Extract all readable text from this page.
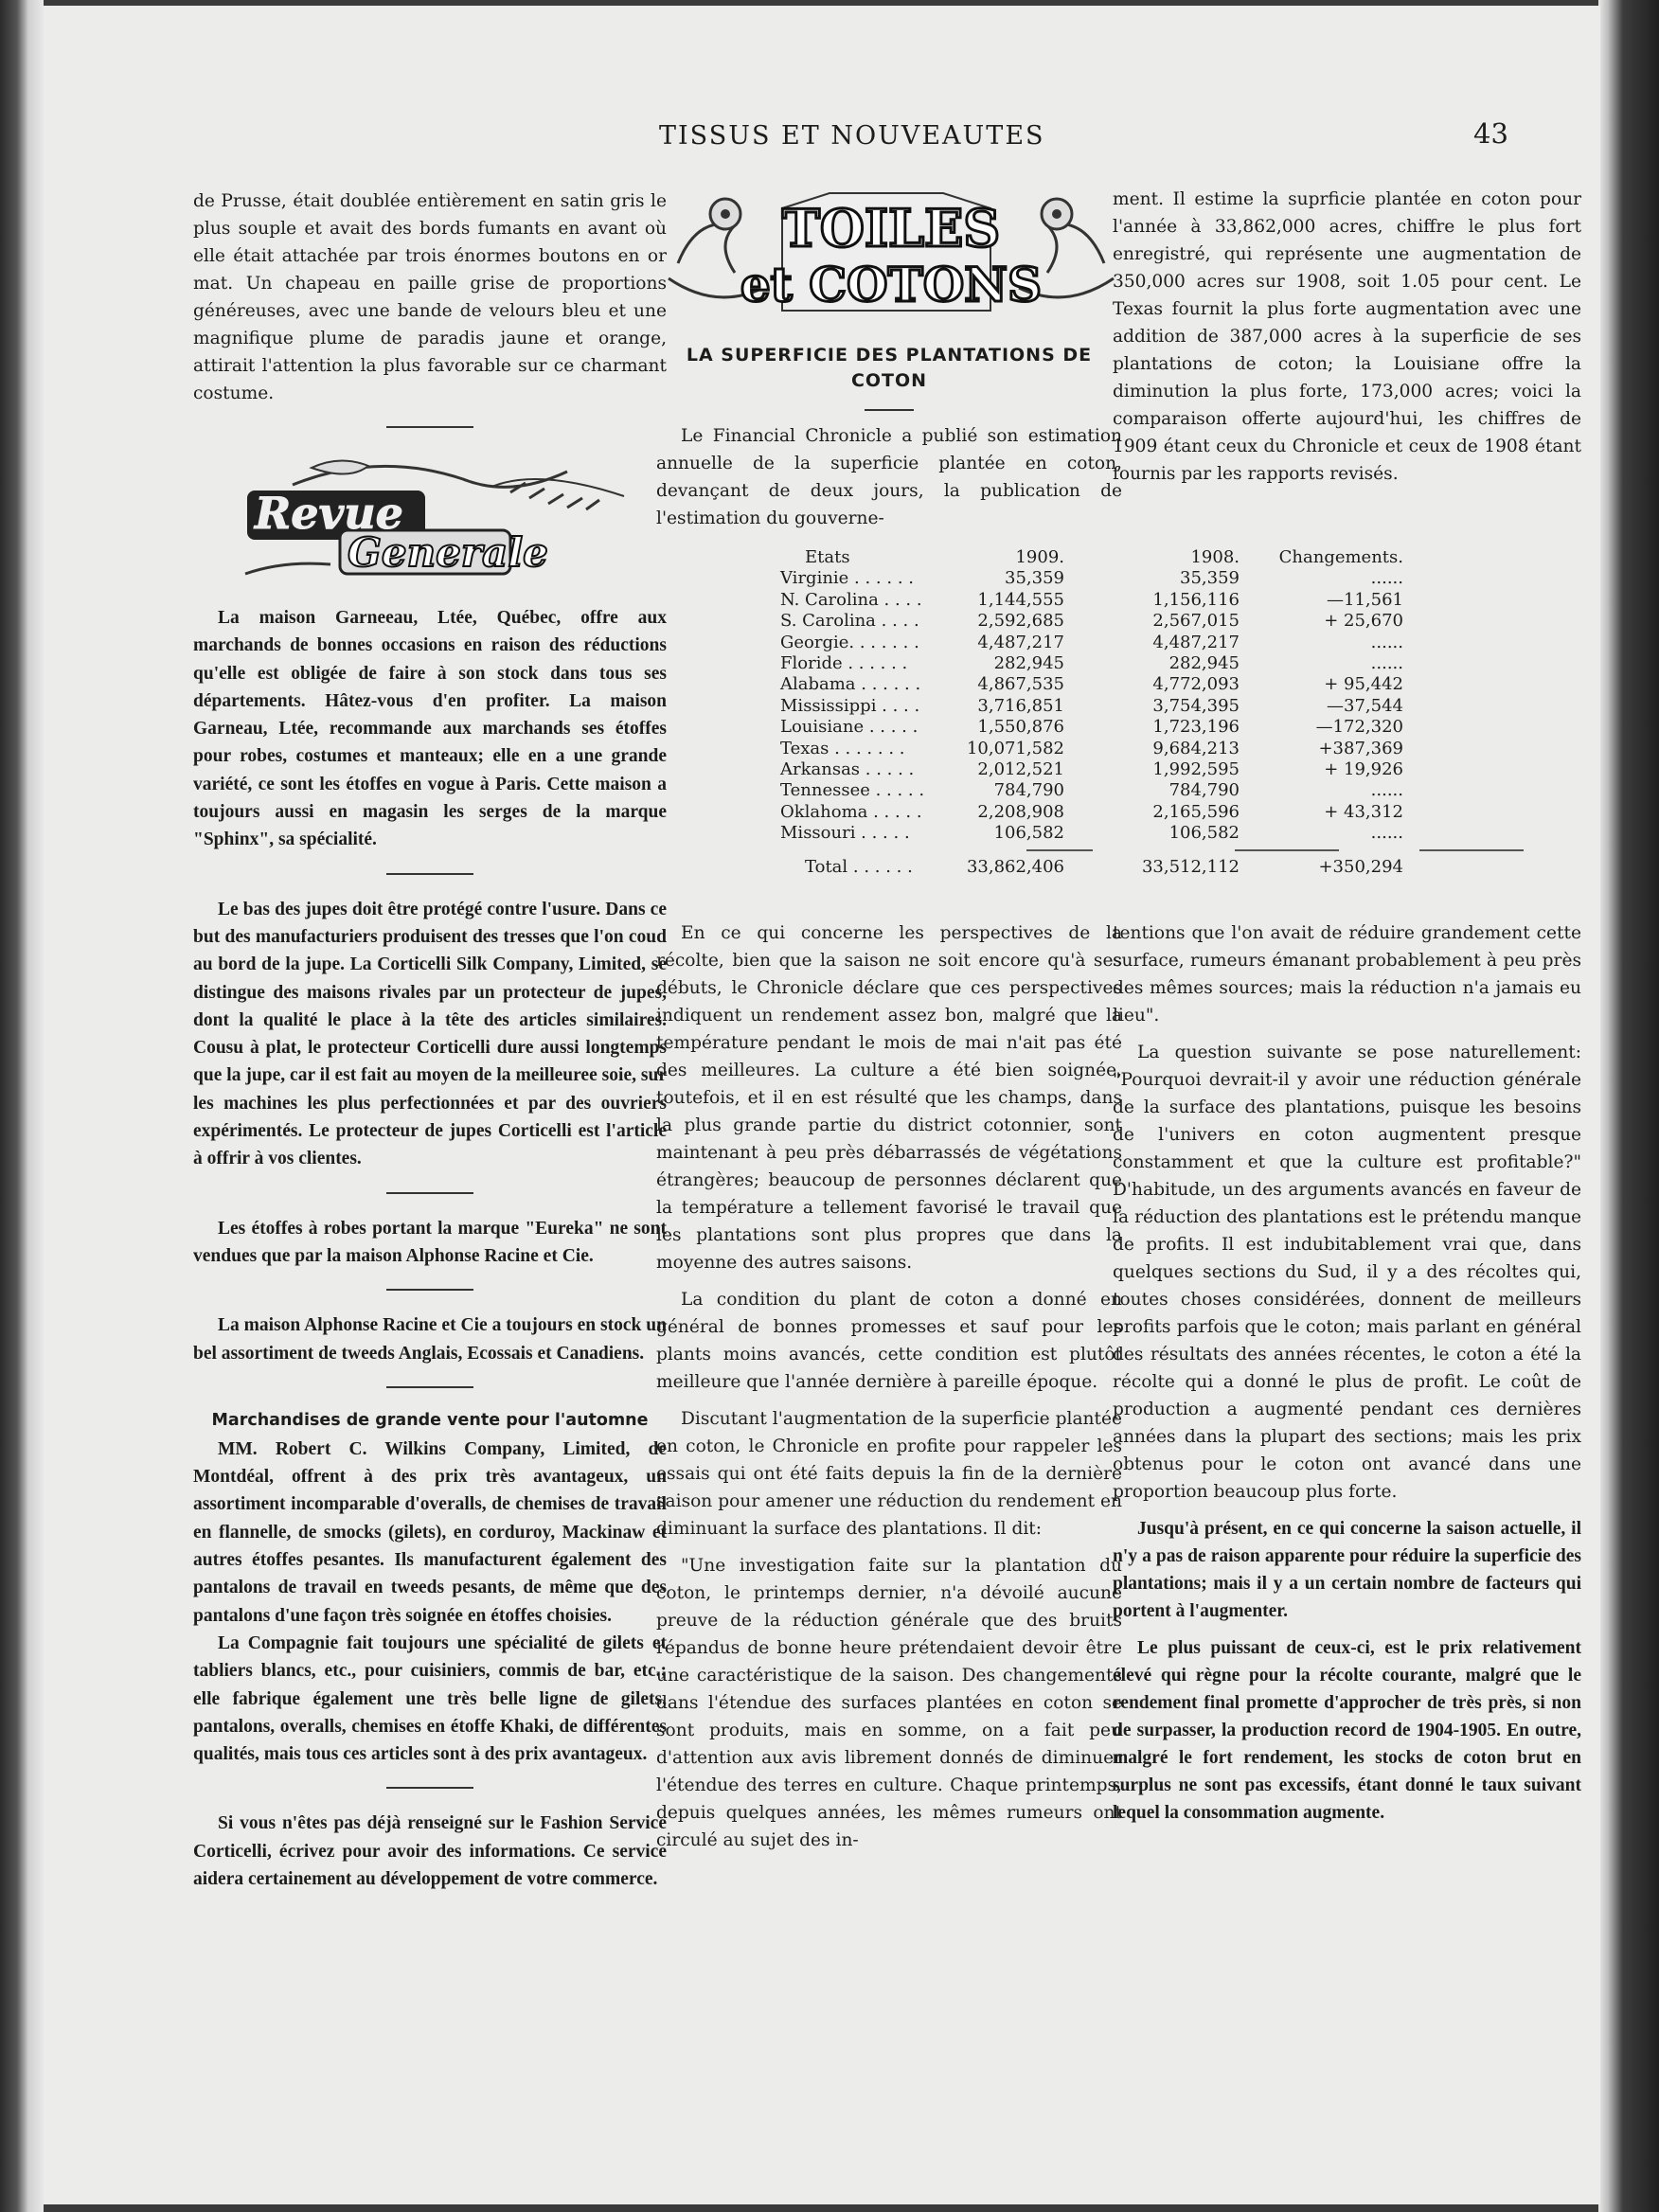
TISSUS ET NOUVEAUTES	43

de Prusse, était doublée entièrement en satin gris le plus souple et avait des bords fumants en avant où elle était attachée par trois énormes boutons en or mat. Un chapeau en paille grise de proportions généreuses, avec une bande de velours bleu et une magnifique plume de paradis jaune et orange, attirait l'attention la plus favorable sur ce charmant costume.

Revue
Generale

La maison Garneeau, Ltée, Québec, offre aux marchands de bonnes occasions en raison des réductions qu'elle est obligée de faire à son stock dans tous ses départements. Hâtez-vous d'en profiter. La maison Garneau, Ltée, recommande aux marchands ses étoffes pour robes, costumes et manteaux; elle en a une grande variété, ce sont les étoffes en vogue à Paris. Cette maison a toujours aussi en magasin les serges de la marque "Sphinx", sa spécialité.

Le bas des jupes doit être protégé contre l'usure. Dans ce but des manufacturiers produisent des tresses que l'on coud au bord de la jupe. La Corticelli Silk Company, Limited, se distingue des maisons rivales par un protecteur de jupes, dont la qualité le place à la tête des articles similaires. Cousu à plat, le protecteur Corticelli dure aussi longtemps que la jupe, car il est fait au moyen de la meilleuree soie, sur les machines les plus perfectionnées et par des ouvriers expérimentés. Le protecteur de jupes Corticelli est l'article à offrir à vos clientes.

Les étoffes à robes portant la marque "Eureka" ne sont vendues que par la maison Alphonse Racine et Cie.

La maison Alphonse Racine et Cie a toujours en stock un bel assortiment de tweeds Anglais, Ecossais et Canadiens.

Marchandises de grande vente pour l'automne

MM. Robert C. Wilkins Company, Limited, de Montdéal, offrent à des prix très avantageux, un assortiment incomparable d'overalls, de chemises de travail en flannelle, de smocks (gilets), en corduroy, Mackinaw et autres étoffes pesantes. Ils manufacturent également des pantalons de travail en tweeds pesants, de même que des pantalons d'une façon très soignée en étoffes choisies.

La Compagnie fait toujours une spécialité de gilets et tabliers blancs, etc., pour cuisiniers, commis de bar, etc.; elle fabrique également une très belle ligne de gilets, pantalons, overalls, chemises en étoffe Khaki, de différentes qualités, mais tous ces articles sont à des prix avantageux.

Si vous n'êtes pas déjà renseigné sur le Fashion Service Corticelli, écrivez pour avoir des informations. Ce service aidera certainement au développement de votre commerce.

TOILES
et COTONS
LA SUPERFICIE DES PLANTATIONS DE COTON

Le Financial Chronicle a publié son estimation annuelle de la superficie plantée en coton, devançant de deux jours, la publication de l'estimation du gouverne-

ment. Il estime la suprficie plantée en coton pour l'année à 33,862,000 acres, chiffre le plus fort enregistré, qui représente une augmentation de 350,000 acres sur 1908, soit 1.05 pour cent. Le Texas fournit la plus forte augmentation avec une addition de 387,000 acres à la superficie de ses plantations de coton; la Louisiane offre la diminution la plus forte, 173,000 acres; voici la comparaison offerte aujourd'hui, les chiffres de 1909 étant ceux du Chronicle et ceux de 1908 étant fournis par les rapports revisés.

Etats	1909.	1908.	Changements.
Virginie . . . . . .	35,359	35,359	......
N. Carolina . . . .	1,144,555	1,156,116	—11,561
S. Carolina . . . .	2,592,685	2,567,015	+ 25,670
Georgie. . . . . . .	4,487,217	4,487,217	......
Floride . . . . . .	282,945	282,945	......
Alabama . . . . . .	4,867,535	4,772,093	+ 95,442
Mississippi . . . .	3,716,851	3,754,395	—37,544
Louisiane . . . . .	1,550,876	1,723,196	—172,320
Texas . . . . . . .	10,071,582	9,684,213	+387,369
Arkansas . . . . .	2,012,521	1,992,595	+ 19,926
Tennessee . . . . .	784,790	784,790	......
Oklahoma . . . . .	2,208,908	2,165,596	+ 43,312
Missouri . . . . .	106,582	106,582	......
Total . . . . . .	33,862,406	33,512,112	+350,294

En ce qui concerne les perspectives de la récolte, bien que la saison ne soit encore qu'à ses débuts, le Chronicle déclare que ces perspectives indiquent un rendement assez bon, malgré que la température pendant le mois de mai n'ait pas été des meilleures. La culture a été bien soignée, toutefois, et il en est résulté que les champs, dans la plus grande partie du district cotonnier, sont maintenant à peu près débarrassés de végétations étrangères; beaucoup de personnes déclarent que la température a tellement favorisé le travail que les plantations sont plus propres que dans la moyenne des autres saisons.

La condition du plant de coton a donné en général de bonnes promesses et sauf pour les plants moins avancés, cette condition est plutôt meilleure que l'année dernière à pareille époque.

Discutant l'augmentation de la superficie plantée en coton, le Chronicle en profite pour rappeler les essais qui ont été faits depuis la fin de la dernière saison pour amener une réduction du rendement en diminuant la surface des plantations. Il dit:

"Une investigation faite sur la plantation du coton, le printemps dernier, n'a dévoilé aucune preuve de la réduction générale que des bruits répandus de bonne heure prétendaient devoir être une caractéristique de la saison. Des changements dans l'étendue des surfaces plantées en coton se sont produits, mais en somme, on a fait peu d'attention aux avis librement donnés de diminuer l'étendue des terres en culture. Chaque printemps, depuis quelques années, les mêmes rumeurs ont circulé au sujet des in-

tentions que l'on avait de réduire grandement cette surface, rumeurs émanant probablement à peu près des mêmes sources; mais la réduction n'a jamais eu lieu".

La question suivante se pose naturellement: "Pourquoi devrait-il y avoir une réduction générale de la surface des plantations, puisque les besoins de l'univers en coton augmentent presque constamment et que la culture est profitable?" D'habitude, un des arguments avancés en faveur de la réduction des plantations est le prétendu manque de profits. Il est indubitablement vrai que, dans quelques sections du Sud, il y a des récoltes qui, toutes choses considérées, donnent de meilleurs profits parfois que le coton; mais parlant en général des résultats des années récentes, le coton a été la récolte qui a donné le plus de profit. Le coût de production a augmenté pendant ces dernières années dans la plupart des sections; mais les prix obtenus pour le coton ont avancé dans une proportion beaucoup plus forte.

Jusqu'à présent, en ce qui concerne la saison actuelle, il n'y a pas de raison apparente pour réduire la superficie des plantations; mais il y a un certain nombre de facteurs qui portent à l'augmenter.

Le plus puissant de ceux-ci, est le prix relativement élevé qui règne pour la récolte courante, malgré que le rendement final promette d'approcher de très près, si non de surpasser, la production record de 1904-1905. En outre, malgré le fort rendement, les stocks de coton brut en surplus ne sont pas excessifs, étant donné le taux suivant lequel la consommation augmente.
